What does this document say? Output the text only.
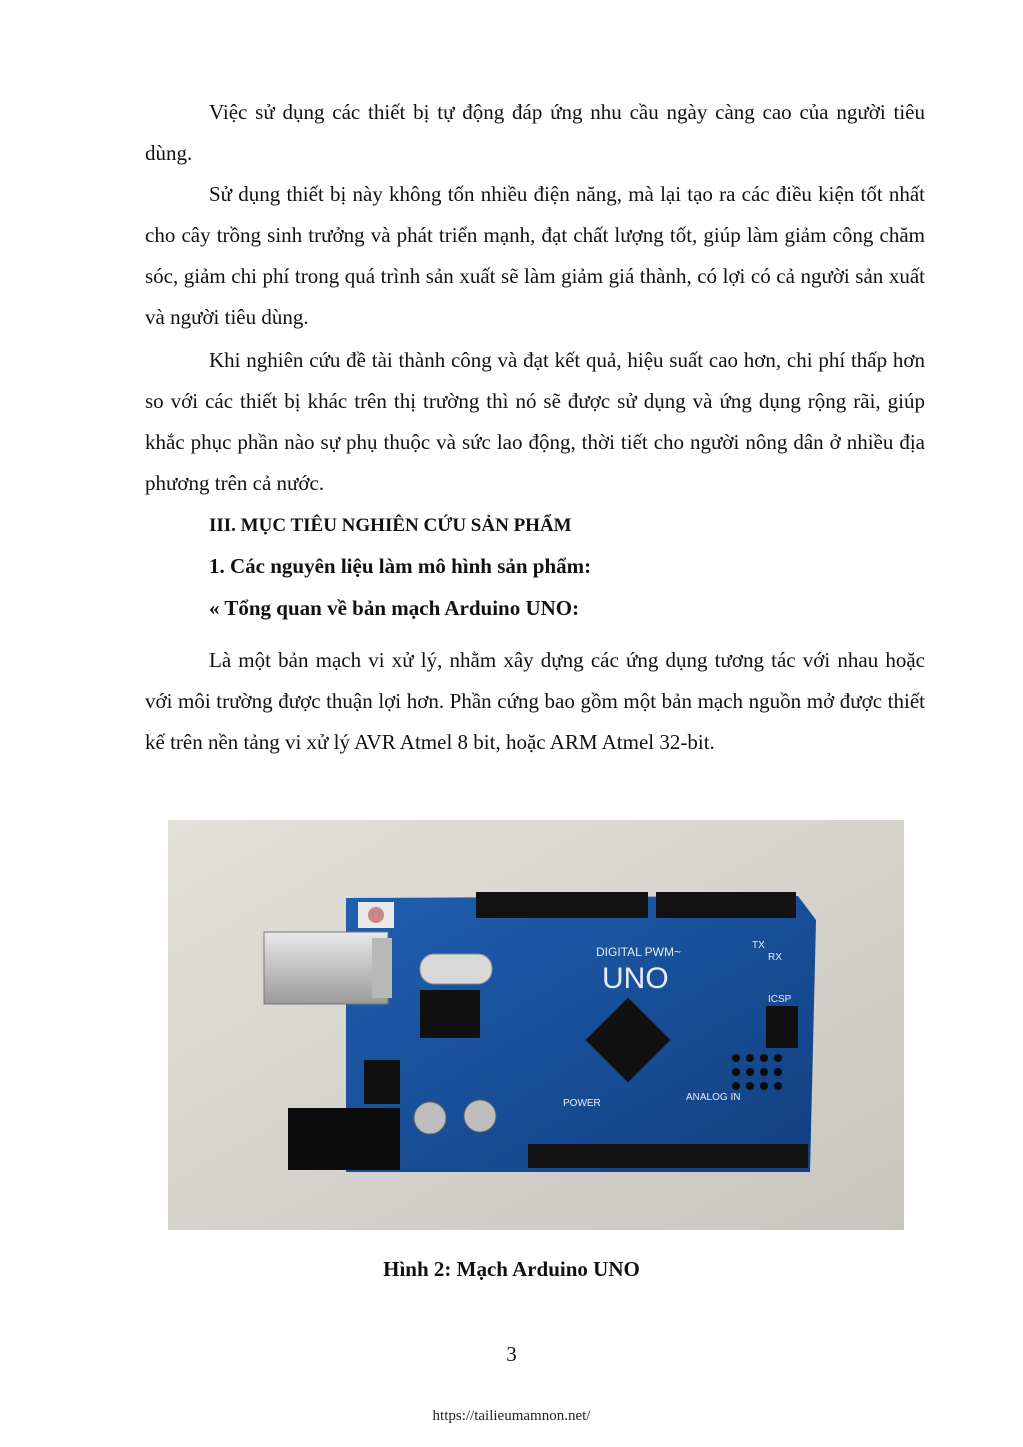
Việc sử dụng các thiết bị tự động đáp ứng nhu cầu ngày càng cao của người tiêu dùng.
Sử dụng thiết bị này không tốn nhiều điện năng, mà lại tạo ra các điều kiện tốt nhất cho cây trồng sinh trưởng và phát triển mạnh, đạt chất lượng tốt, giúp làm giảm công chăm sóc, giảm chi phí trong quá trình sản xuất sẽ làm giảm giá thành, có lợi có cả người sản xuất và người tiêu dùng.
Khi nghiên cứu đề tài thành công và đạt kết quả, hiệu suất cao hơn, chi phí thấp hơn so với các thiết bị khác trên thị trường thì nó sẽ được sử dụng và ứng dụng rộng rãi, giúp khắc phục phần nào sự phụ thuộc và sức lao động, thời tiết cho người nông dân ở nhiều địa phương trên cả nước.
III. MỤC TIÊU NGHIÊN CỨU SẢN PHẨM
1. Các nguyên liệu làm mô hình sản phẩm:
« Tổng quan về bản mạch Arduino UNO:
Là một bản mạch vi xử lý, nhằm xây dựng các ứng dụng tương tác với nhau hoặc với môi trường được thuận lợi hơn. Phần cứng bao gồm một bản mạch nguồn mở được thiết kế trên nền tảng vi xử lý AVR Atmel 8 bit, hoặc ARM Atmel 32-bit.
DIGITAL PWM~
UNO
POWER
ANALOG IN
ICSP
TX
RX
Hình 2: Mạch Arduino UNO
3
https://tailieumamnon.net/
